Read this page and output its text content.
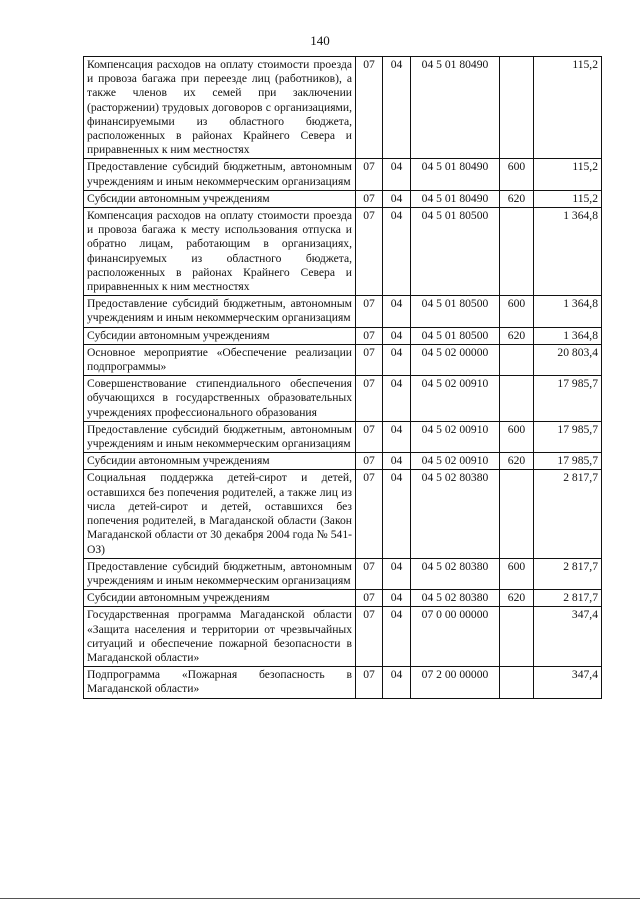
140
Компенсация расходов на оплату стоимости проезда и провоза багажа при переезде лиц (работников), а также членов их семей при заключении (расторжении) трудовых договоров с организациями, финансируемыми из областного бюджета, расположенных в районах Крайнего Севера и приравненных к ним местностях	07	04	04 5 01 80490		115,2
Предоставление субсидий бюджетным, автономным учреждениям и иным некоммерческим организациям	07	04	04 5 01 80490	600	115,2
Субсидии автономным учреждениям	07	04	04 5 01 80490	620	115,2
Компенсация расходов на оплату стоимости проезда и провоза багажа к месту использования отпуска и обратно лицам, работающим в организациях, финансируемых из областного бюджета, расположенных в районах Крайнего Севера и приравненных к ним местностях	07	04	04 5 01 80500		1 364,8
Предоставление субсидий бюджетным, автономным учреждениям и иным некоммерческим организациям	07	04	04 5 01 80500	600	1 364,8
Субсидии автономным учреждениям	07	04	04 5 01 80500	620	1 364,8
Основное мероприятие «Обеспечение реализации подпрограммы»	07	04	04 5 02 00000		20 803,4
Совершенствование стипендиального обеспечения обучающихся в государственных образовательных учреждениях профессионального образования	07	04	04 5 02 00910		17 985,7
Предоставление субсидий бюджетным, автономным учреждениям и иным некоммерческим организациям	07	04	04 5 02 00910	600	17 985,7
Субсидии автономным учреждениям	07	04	04 5 02 00910	620	17 985,7
Социальная поддержка детей-сирот и детей, оставшихся без попечения родителей, а также лиц из числа детей-сирот и детей, оставшихся без попечения родителей, в Магаданской области (Закон Магаданской области от 30 декабря 2004 года № 541-ОЗ)	07	04	04 5 02 80380		2 817,7
Предоставление субсидий бюджетным, автономным учреждениям и иным некоммерческим организациям	07	04	04 5 02 80380	600	2 817,7
Субсидии автономным учреждениям	07	04	04 5 02 80380	620	2 817,7
Государственная программа Магаданской области «Защита населения и территории от чрезвычайных ситуаций и обеспечение пожарной безопасности в Магаданской области»	07	04	07 0 00 00000		347,4
Подпрограмма «Пожарная безопасность в Магаданской области»	07	04	07 2 00 00000		347,4
